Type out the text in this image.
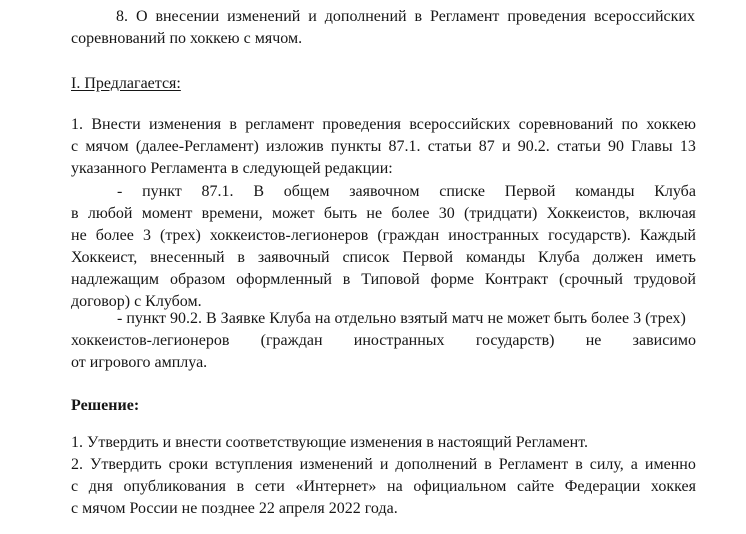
8. О внесении изменений и дополнений в Регламент проведения всероссийских
соревнований по хоккею с мячом.
I. Предлагается:
1. Внести изменения в регламент проведения всероссийских соревнований по хоккею
с мячом (далее-Регламент) изложив пункты 87.1. статьи 87 и 90.2. статьи 90 Главы 13
указанного Регламента в следующей редакции:
- пункт 87.1. В общем заявочном списке Первой команды Клуба
в любой момент времени, может быть не более 30 (тридцати) Хоккеистов, включая
не более 3 (трех) хоккеистов-легионеров (граждан иностранных государств). Каждый
Хоккеист, внесенный в заявочный список Первой команды Клуба должен иметь
надлежащим образом оформленный в Типовой форме Контракт (срочный трудовой
договор) с Клубом.
- пункт 90.2. В Заявке Клуба на отдельно взятый матч не может быть более 3 (трех)
хоккеистов-легионеров (граждан иностранных государств) не зависимо
от игрового амплуа.
Решение:
1. Утвердить и внести соответствующие изменения в настоящий Регламент.
2. Утвердить сроки вступления изменений и дополнений в Регламент в силу, а именно
с дня опубликования в сети «Интернет» на официальном сайте Федерации хоккея
с мячом России не позднее 22 апреля 2022 года.
